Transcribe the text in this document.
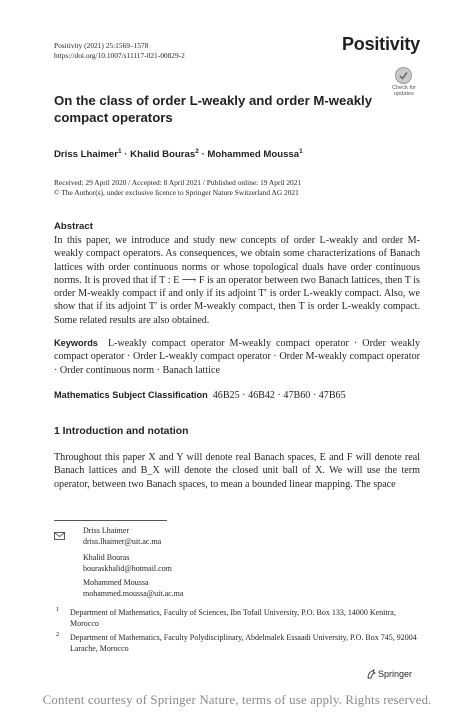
Positivity (2021) 25:1569–1578
https://doi.org/10.1007/s11117-021-00829-2
Positivity
Check for
updates
On the class of order L-weakly and order M-weakly compact operators
Driss Lhaimer$^1$ · Khalid Bouras$^2$ · Mohammed Moussa$^1$
Received: 29 April 2020 / Accepted: 8 April 2021 / Published online: 19 April 2021
© The Author(s), under exclusive licence to Springer Nature Switzerland AG 2021
Abstract
In this paper, we introduce and study new concepts of order L-weakly and order M-weakly compact operators. As consequences, we obtain some characterizations of Banach lattices with order continuous norms or whose topological duals have order continuous norms. It is proved that if T : E ⟶ F is an operator between two Banach lattices, then T is order M-weakly compact if and only if its adjoint T′ is order L-weakly compact. Also, we show that if its adjoint T′ is order M-weakly compact, then T is order L-weakly compact. Some related results are also obtained.
Keywords L-weakly compact operator M-weakly compact operator · Order weakly compact operator · Order L-weakly compact operator · Order M-weakly compact operator · Order continuous norm · Banach lattice
Mathematics Subject Classification 46B25 · 46B42 · 47B60 · 47B65
1 Introduction and notation
Throughout this paper X and Y will denote real Banach spaces, E and F will denote real Banach lattices and B_X will denote the closed unit ball of X. We will use the term operator, between two Banach spaces, to mean a bounded linear mapping. The space
Driss Lhaimer
driss.lhaimer@uit.ac.ma
Khalid Bouras
bouraskhalid@hotmail.com
Mohammed Moussa
mohammed.moussa@uit.ac.ma
1 Department of Mathematics, Faculty of Sciences, Ibn Tofail University, P.O. Box 133, 14000 Kenitra, Morocco
2 Department of Mathematics, Faculty Polydisciplinary, Abdelmalek Essaadi University, P.O. Box 745, 92004 Larache, Morocco
Springer
Content courtesy of Springer Nature, terms of use apply. Rights reserved.
